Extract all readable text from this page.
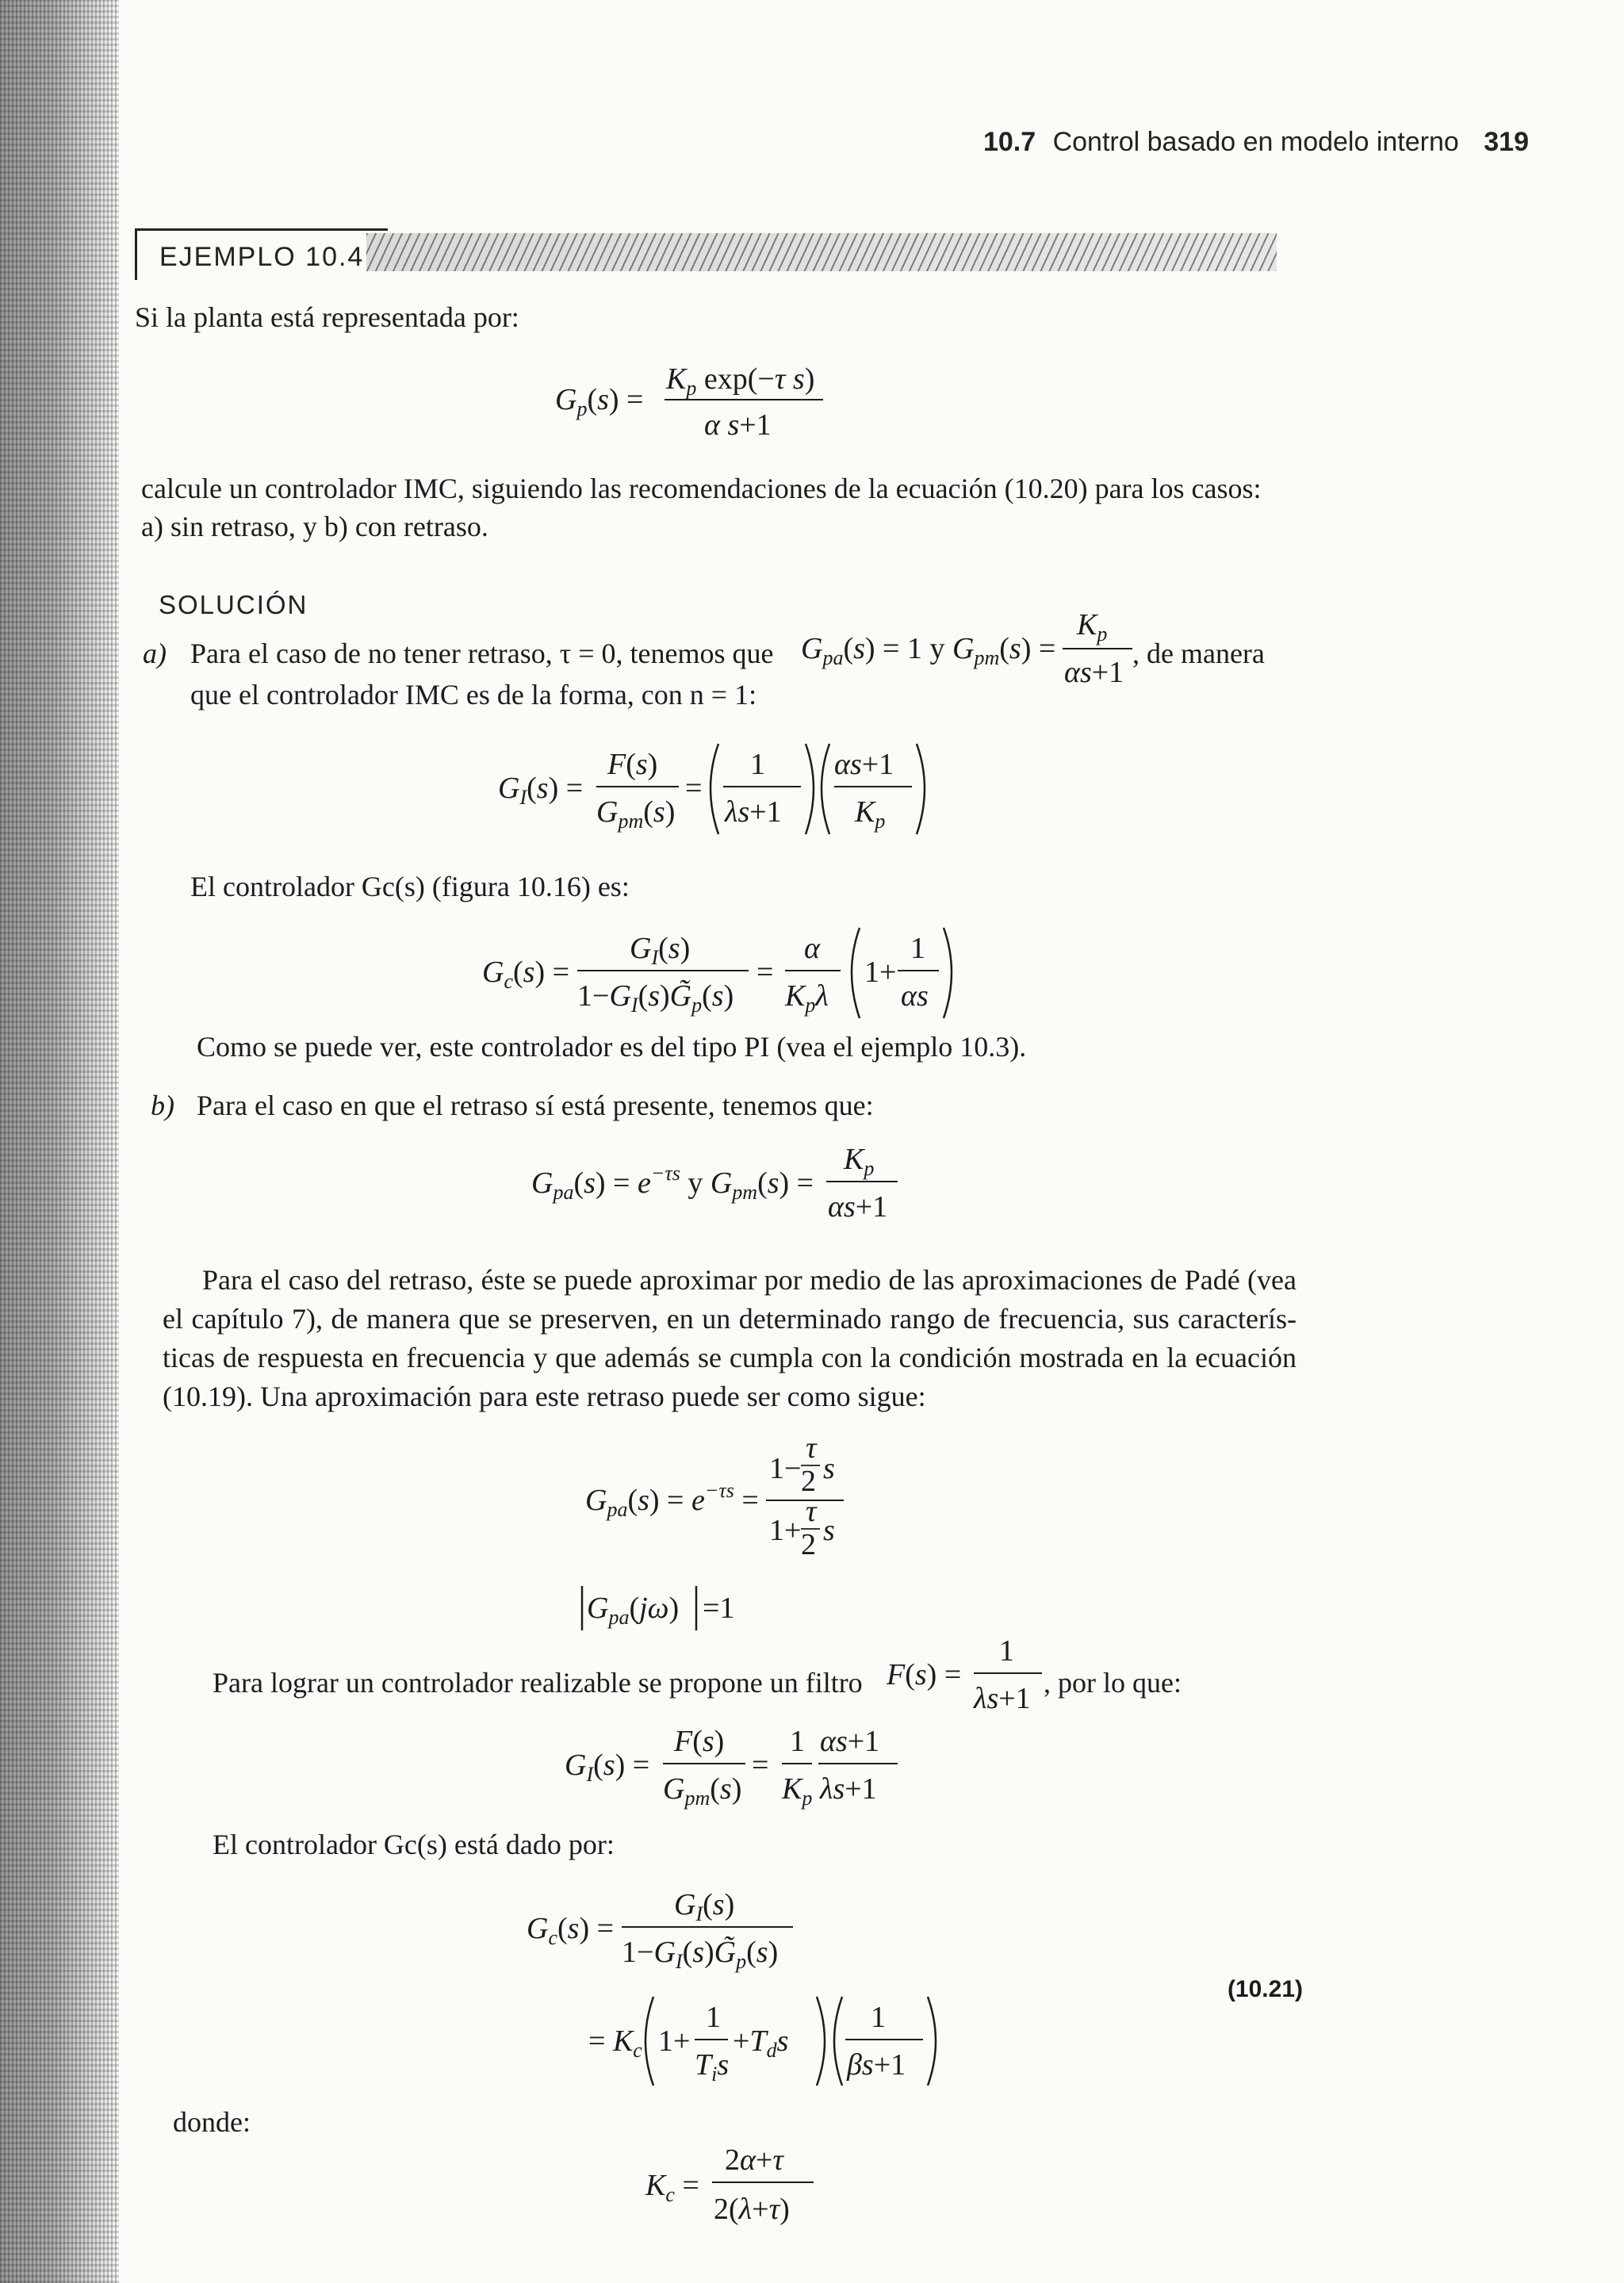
10.7 Control basado en modelo interno 319
EJEMPLO 10.4
Si la planta está representada por:
$G_p(s)$ =
$K_p$ exp(−τ s)
α s+1
calcule un controlador IMC, siguiendo las recomendaciones de la ecuación (10.20) para los casos:
a) sin retraso, y b) con retraso.
SOLUCIÓN
a) Para el caso de no tener retraso, τ = 0, tenemos que $G_{pa}(s) = 1$ y $G_{pm}(s)$ =
$K_p$
αs+1
, de manera
que el controlador IMC es de la forma, con n = 1:
$G_I(s)$ =
F(s)
$G_{pm}(s)$
=
1
λs+1
αs+1
$K_p$
El controlador Gc(s) (figura 10.16) es:
$G_c(s)$ =
$G_I(s)$
$1-G_I(s)G̃_p(s)$
=
α
$K_p\lambda$
1+
1
αs
Como se puede ver, este controlador es del tipo PI (vea el ejemplo 10.3).
b) Para el caso en que el retraso sí está presente, tenemos que:
$G_{pa}(s) = e^{-\tau s}$ y $G_{pm}(s)$ =
$K_p$
αs+1
Para el caso del retraso, éste se puede aproximar por medio de las aproximaciones de Padé (vea el capítulo 7), de manera que se preserven, en un determinado rango de frecuencia, sus caracterís- ticas de respuesta en frecuencia y que además se cumpla con la condición mostrada en la ecuación (10.19). Una aproximación para este retraso puede ser como sigue:
$G_{pa}(s) = e^{-\tau s}$ =
1−
τ
2 s
1+
τ
2 s
$G_{pa}(j\omega) =1$
Para lograr un controlador realizable se propone un filtro F(s) =
1
λs+1 , por lo que:
$G_I(s)$ =
F(s)
$G_{pm}(s)$
=
1
$K_p$
αs+1
λs+1
El controlador Gc(s) está dado por:
$G_c(s)$ =
$G_I(s)$
$1-G_I(s)G̃_p(s)$
= $K_c$ 1+
1
$T_is$
$+T_ds$
1
βs+1
(10.21)
donde:
$K_c$ =
2α+τ
2(λ+τ)
